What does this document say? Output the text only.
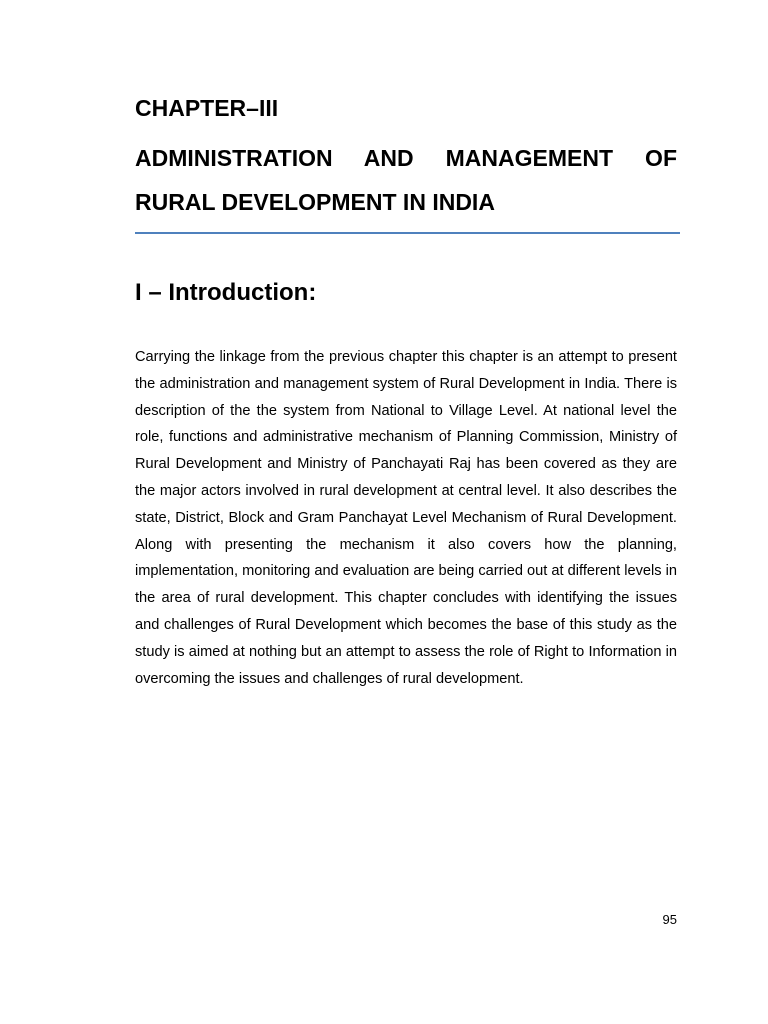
CHAPTER–III
ADMINISTRATION AND MANAGEMENT OF
RURAL DEVELOPMENT IN INDIA
I – Introduction:

Carrying the linkage from the previous chapter this chapter is an attempt to present the administration and management system of Rural Development in India. There is description of the the system from National to Village Level. At national level the role, functions and administrative mechanism of Planning Commission, Ministry of Rural Development and Ministry of Panchayati Raj has been covered as they are the major actors involved in rural development at central level. It also describes the state, District, Block and Gram Panchayat Level Mechanism of Rural Development. Along with presenting the mechanism it also covers how the planning, implementation, monitoring and evaluation are being carried out at different levels in the area of rural development. This chapter concludes with identifying the issues and challenges of Rural Development which becomes the base of this study as the study is aimed at nothing but an attempt to assess the role of Right to Information in overcoming the issues and challenges of rural development.

95
